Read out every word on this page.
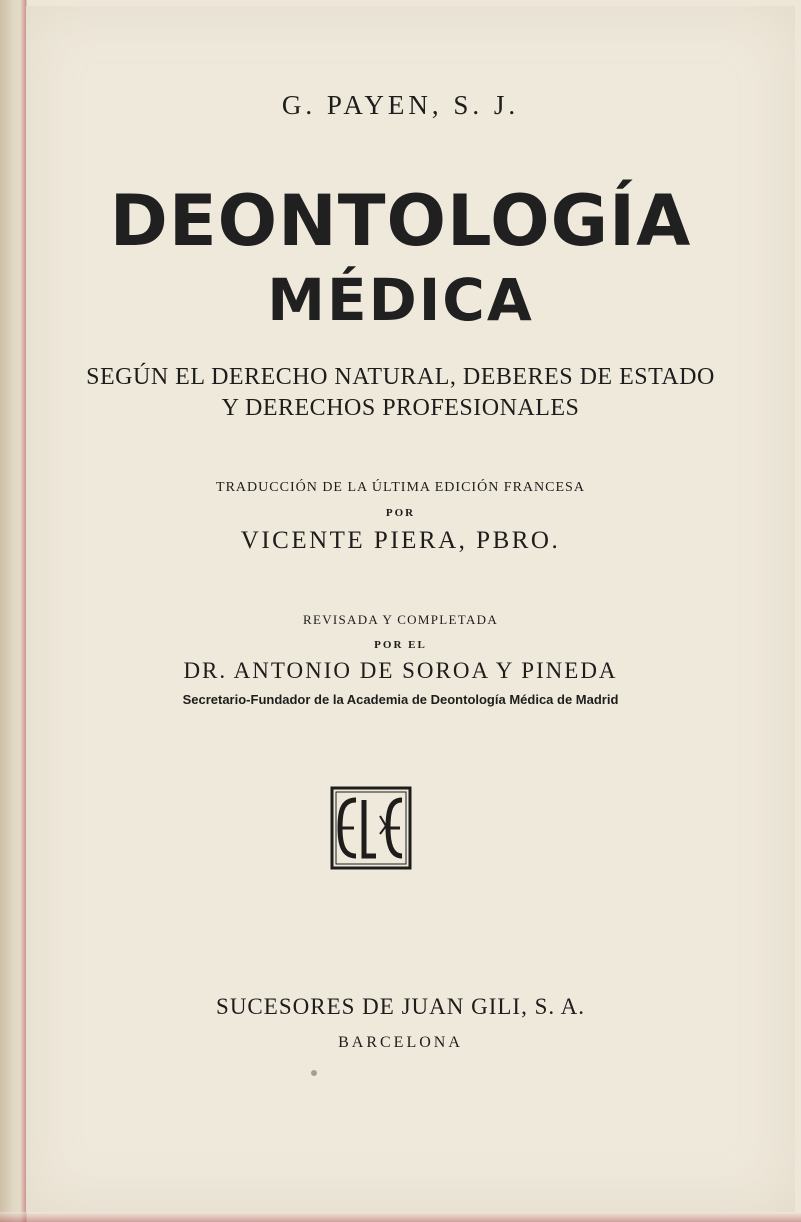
G. PAYEN, S. J.
DEONTOLOGÍA
MÉDICA
SEGÚN EL DERECHO NATURAL, DEBERES DE ESTADO
Y DERECHOS PROFESIONALES
TRADUCCIÓN DE LA ÚLTIMA EDICIÓN FRANCESA
POR
VICENTE PIERA, PBRO.
REVISADA Y COMPLETADA
POR EL
DR. ANTONIO DE SOROA Y PINEDA
Secretario-Fundador de la Academia de Deontología Médica de Madrid
SUCESORES DE JUAN GILI, S. A.
BARCELONA
